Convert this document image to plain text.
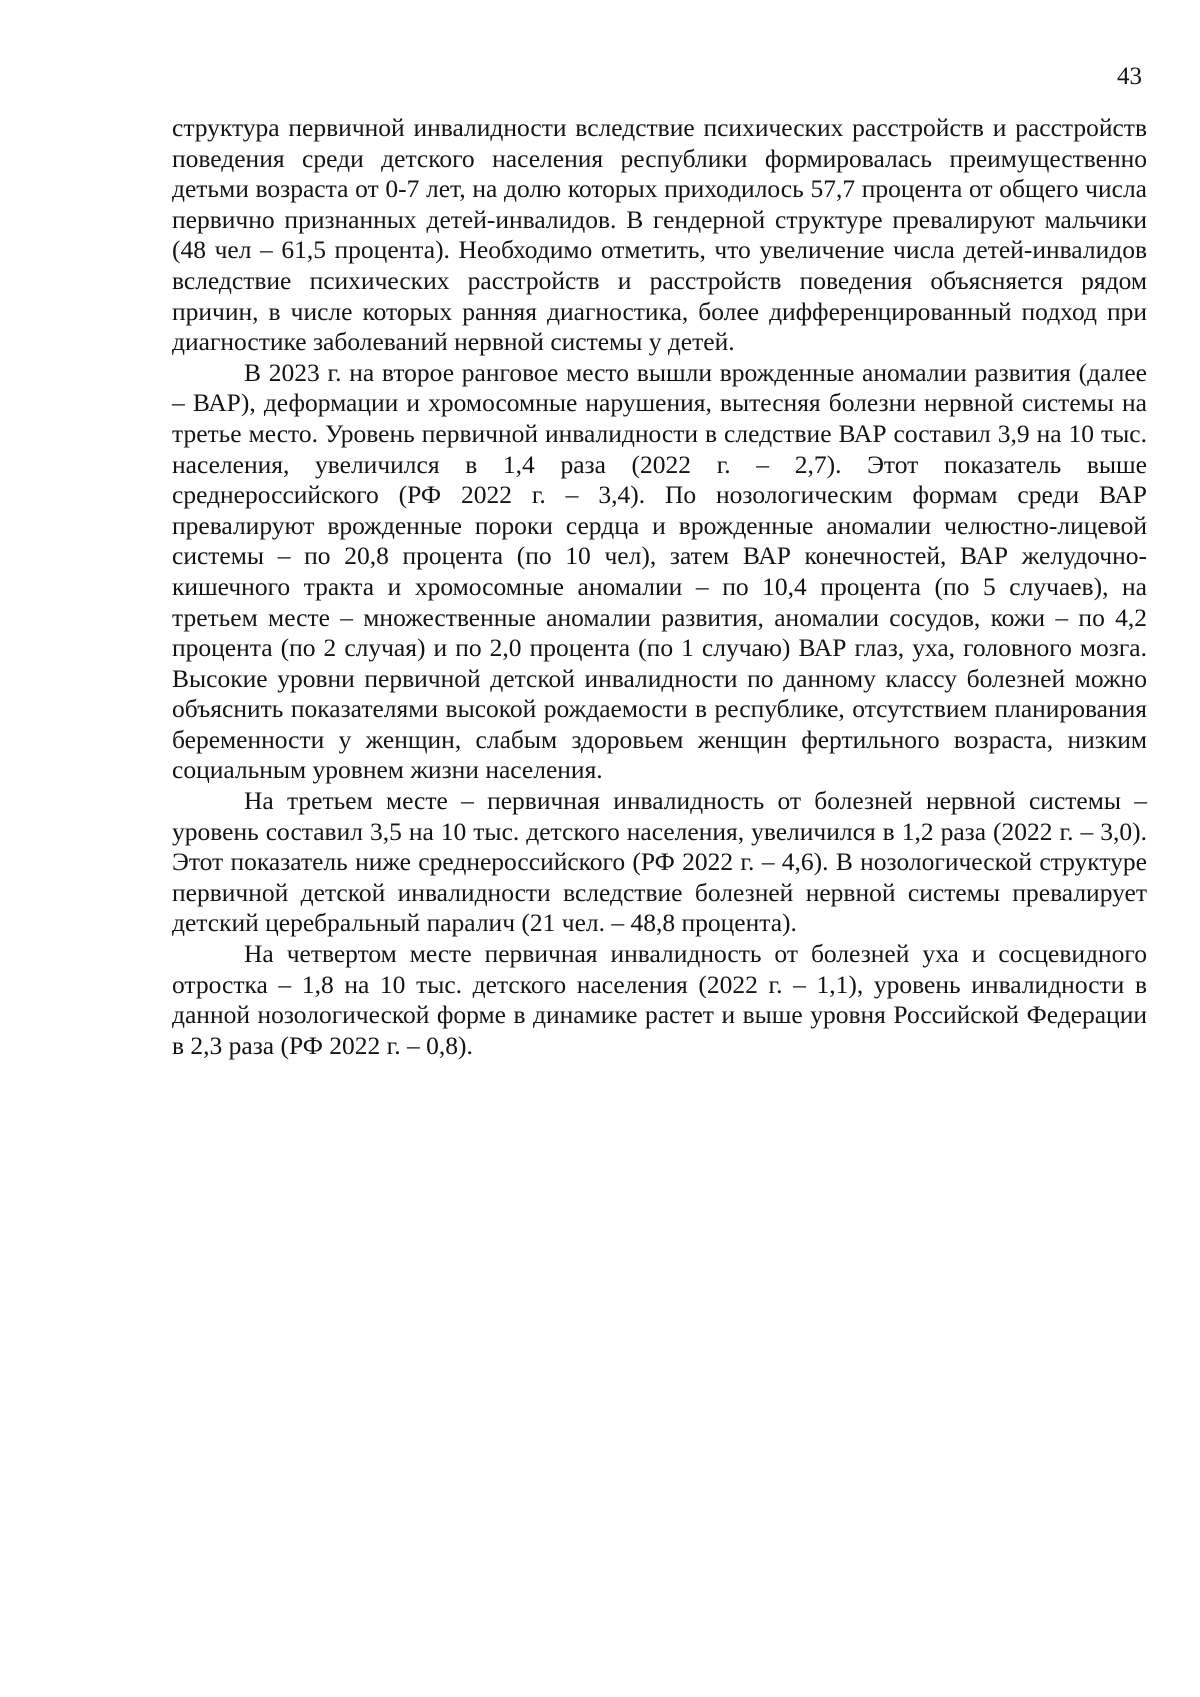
43

структура первичной инвалидности вследствие психических расстройств и расстройств поведения среди детского населения республики формировалась преимущественно детьми возраста от 0-7 лет, на долю которых приходилось 57,7 процента от общего числа первично признанных детей-инвалидов. В гендерной структуре превалируют мальчики (48 чел – 61,5 процента). Необходимо отметить, что увеличение числа детей-инвалидов вследствие психических расстройств и расстройств поведения объясняется рядом причин, в числе которых ранняя диагностика, более дифференцированный подход при диагностике заболеваний нервной системы у детей.

В 2023 г. на второе ранговое место вышли врожденные аномалии развития (далее – ВАР), деформации и хромосомные нарушения, вытесняя болезни нервной системы на третье место. Уровень первичной инвалидности в следствие ВАР составил 3,9 на 10 тыс. населения, увеличился в 1,4 раза (2022 г. – 2,7). Этот показатель выше среднероссийского (РФ 2022 г. – 3,4). По нозологическим формам среди ВАР превалируют врожденные пороки сердца и врожденные аномалии челюстно-лицевой системы – по 20,8 процента (по 10 чел), затем ВАР конечностей, ВАР желудочно-кишечного тракта и хромосомные аномалии – по 10,4 процента (по 5 случаев), на третьем месте – множественные аномалии развития, аномалии сосудов, кожи – по 4,2 процента (по 2 случая) и по 2,0 процента (по 1 случаю) ВАР глаз, уха, головного мозга. Высокие уровни первичной детской инвалидности по данному классу болезней можно объяснить показателями высокой рождаемости в республике, отсутствием планирования беременности у женщин, слабым здоровьем женщин фертильного возраста, низким социальным уровнем жизни населения.

На третьем месте – первичная инвалидность от болезней нервной системы – уровень составил 3,5 на 10 тыс. детского населения, увеличился в 1,2 раза (2022 г. – 3,0). Этот показатель ниже среднероссийского (РФ 2022 г. – 4,6). В нозологической структуре первичной детской инвалидности вследствие болезней нервной системы превалирует детский церебральный паралич (21 чел. – 48,8 процента).

На четвертом месте первичная инвалидность от болезней уха и сосцевидного отростка – 1,8 на 10 тыс. детского населения (2022 г. – 1,1), уровень инвалидности в данной нозологической форме в динамике растет и выше уровня Российской Федерации в 2,3 раза (РФ 2022 г. – 0,8).
